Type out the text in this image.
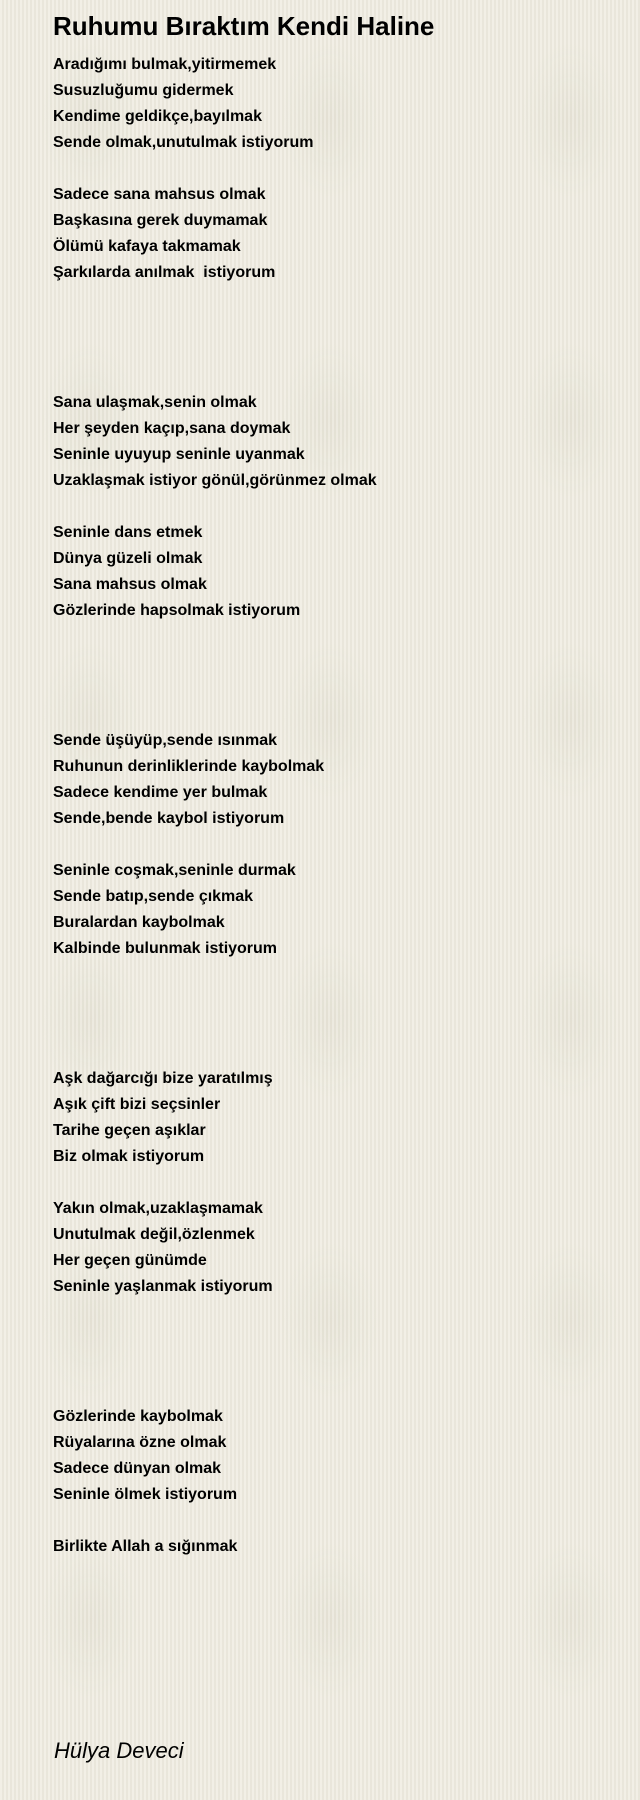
Ruhumu Bıraktım Kendi Haline
Aradığımı bulmak,yitirmemek
Susuzluğumu gidermek
Kendime geldikçe,bayılmak
Sende olmak,unutulmak istiyorum
Sadece sana mahsus olmak
Başkasına gerek duymamak
Ölümü kafaya takmamak
Şarkılarda anılmak  istiyorum
Sana ulaşmak,senin olmak
Her şeyden kaçıp,sana doymak
Seninle uyuyup seninle uyanmak
Uzaklaşmak istiyor gönül,görünmez olmak
Seninle dans etmek
Dünya güzeli olmak
Sana mahsus olmak
Gözlerinde hapsolmak istiyorum
Sende üşüyüp,sende ısınmak
Ruhunun derinliklerinde kaybolmak
Sadece kendime yer bulmak
Sende,bende kaybol istiyorum
Seninle coşmak,seninle durmak
Sende batıp,sende çıkmak
Buralardan kaybolmak
Kalbinde bulunmak istiyorum
Aşk dağarcığı bize yaratılmış
Aşık çift bizi seçsinler
Tarihe geçen aşıklar
Biz olmak istiyorum
Yakın olmak,uzaklaşmamak
Unutulmak değil,özlenmek
Her geçen günümde
Seninle yaşlanmak istiyorum
Gözlerinde kaybolmak
Rüyalarına özne olmak
Sadece dünyan olmak
Seninle ölmek istiyorum
Birlikte Allah a sığınmak
Hülya Deveci
